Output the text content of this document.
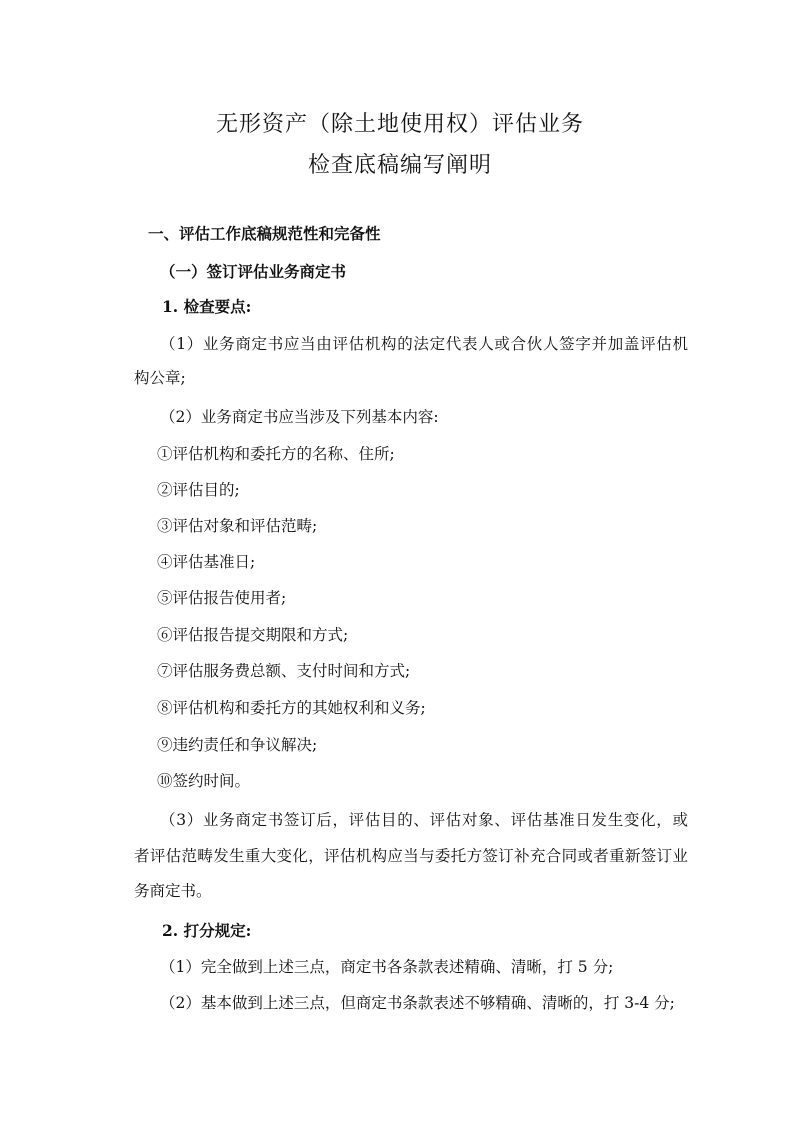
无形资产（除土地使用权）评估业务
检查底稿编写阐明
一、评估工作底稿规范性和完备性
（一）签订评估业务商定书
1. 检查要点:
（1）业务商定书应当由评估机构的法定代表人或合伙人签字并加盖评估机
构公章;
（2）业务商定书应当涉及下列基本内容:
①评估机构和委托方的名称、住所;
②评估目的;
③评估对象和评估范畴;
④评估基准日;
⑤评估报告使用者;
⑥评估报告提交期限和方式;
⑦评估服务费总额、支付时间和方式;
⑧评估机构和委托方的其她权利和义务;
⑨违约责任和争议解决;
⑩签约时间。
（3）业务商定书签订后，评估目的、评估对象、评估基准日发生变化，或
者评估范畴发生重大变化，评估机构应当与委托方签订补充合同或者重新签订业
务商定书。
2. 打分规定:
（1）完全做到上述三点，商定书各条款表述精确、清晰，打 5 分;
（2）基本做到上述三点，但商定书条款表述不够精确、清晰的，打 3-4 分;
